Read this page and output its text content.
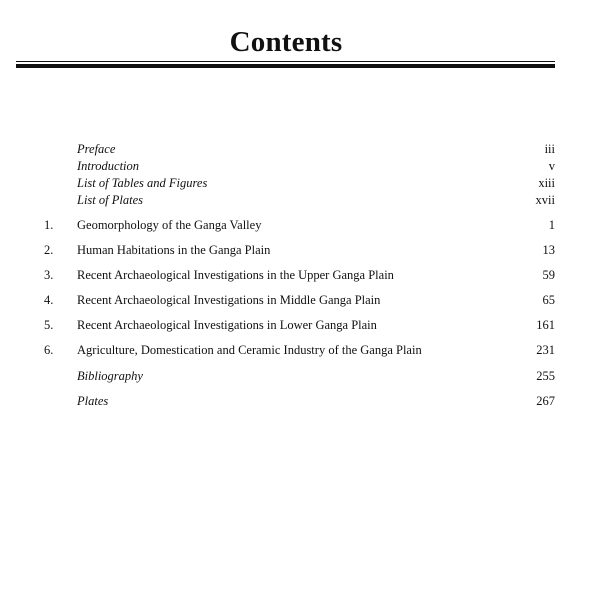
Contents
Preface	iii
Introduction	v
List of Tables and Figures	xiii
List of Plates	xvii
1.	Geomorphology of the Ganga Valley	1
2.	Human Habitations in the Ganga Plain	13
3.	Recent Archaeological Investigations in the Upper Ganga Plain	59
4.	Recent Archaeological Investigations in Middle Ganga Plain	65
5.	Recent Archaeological Investigations in Lower Ganga Plain	161
6.	Agriculture, Domestication and Ceramic Industry of the Ganga Plain	231
Bibliography	255
Plates	267
